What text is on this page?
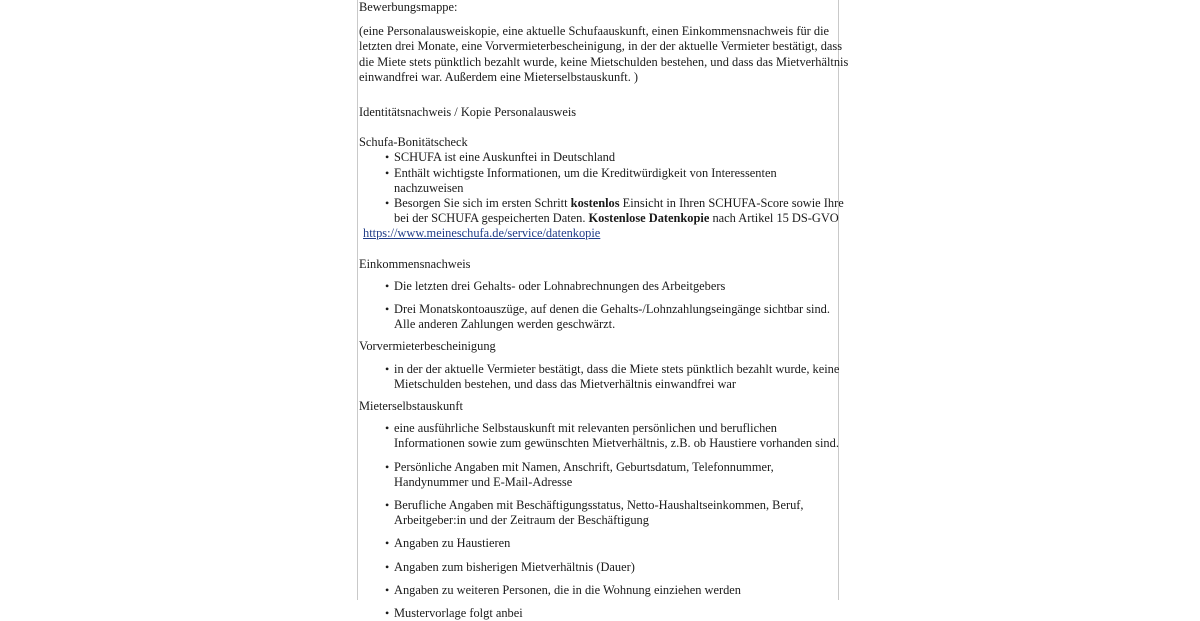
Bewerbungsmappe:

(eine Personalausweiskopie, eine aktuelle Schufaauskunft, einen Einkommensnachweis für die letzten drei Monate, eine Vorvermieterbescheinigung, in der der aktuelle Vermieter bestätigt, dass die Miete stets pünktlich bezahlt wurde, keine Mietschulden bestehen, und dass das Mietverhältnis einwandfrei war. Außerdem eine Mieterselbstauskunft. )

Identitätsnachweis / Kopie Personalausweis

Schufa-Bonitätscheck

• SCHUFA ist eine Auskunftei in Deutschland
• Enthält wichtigste Informationen, um die Kreditwürdigkeit von Interessenten nachzuweisen
• Besorgen Sie sich im ersten Schritt kostenlos Einsicht in Ihren SCHUFA-Score sowie Ihre bei der SCHUFA gespeicherten Daten. Kostenlose Datenkopie nach Artikel 15 DS-GVO

https://www.meineschufa.de/service/datenkopie

Einkommensnachweis

• Die letzten drei Gehalts- oder Lohnabrechnungen des Arbeitgebers
• Drei Monatskontoauszüge, auf denen die Gehalts-/Lohnzahlungseingänge sichtbar sind. Alle anderen Zahlungen werden geschwärzt.

Vorvermieterbescheinigung

• in der der aktuelle Vermieter bestätigt, dass die Miete stets pünktlich bezahlt wurde, keine Mietschulden bestehen, und dass das Mietverhältnis einwandfrei war

Mieterselbstauskunft

• eine ausführliche Selbstauskunft mit relevanten persönlichen und beruflichen Informationen sowie zum gewünschten Mietverhältnis, z.B. ob Haustiere vorhanden sind.
• Persönliche Angaben mit Namen, Anschrift, Geburtsdatum, Telefonnummer, Handynummer und E-Mail-Adresse
• Berufliche Angaben mit Beschäftigungsstatus, Netto-Haushaltseinkommen, Beruf, Arbeitgeber:in und der Zeitraum der Beschäftigung
• Angaben zu Haustieren
• Angaben zum bisherigen Mietverhältnis (Dauer)
• Angaben zu weiteren Personen, die in die Wohnung einziehen werden
• Mustervorlage folgt anbei
